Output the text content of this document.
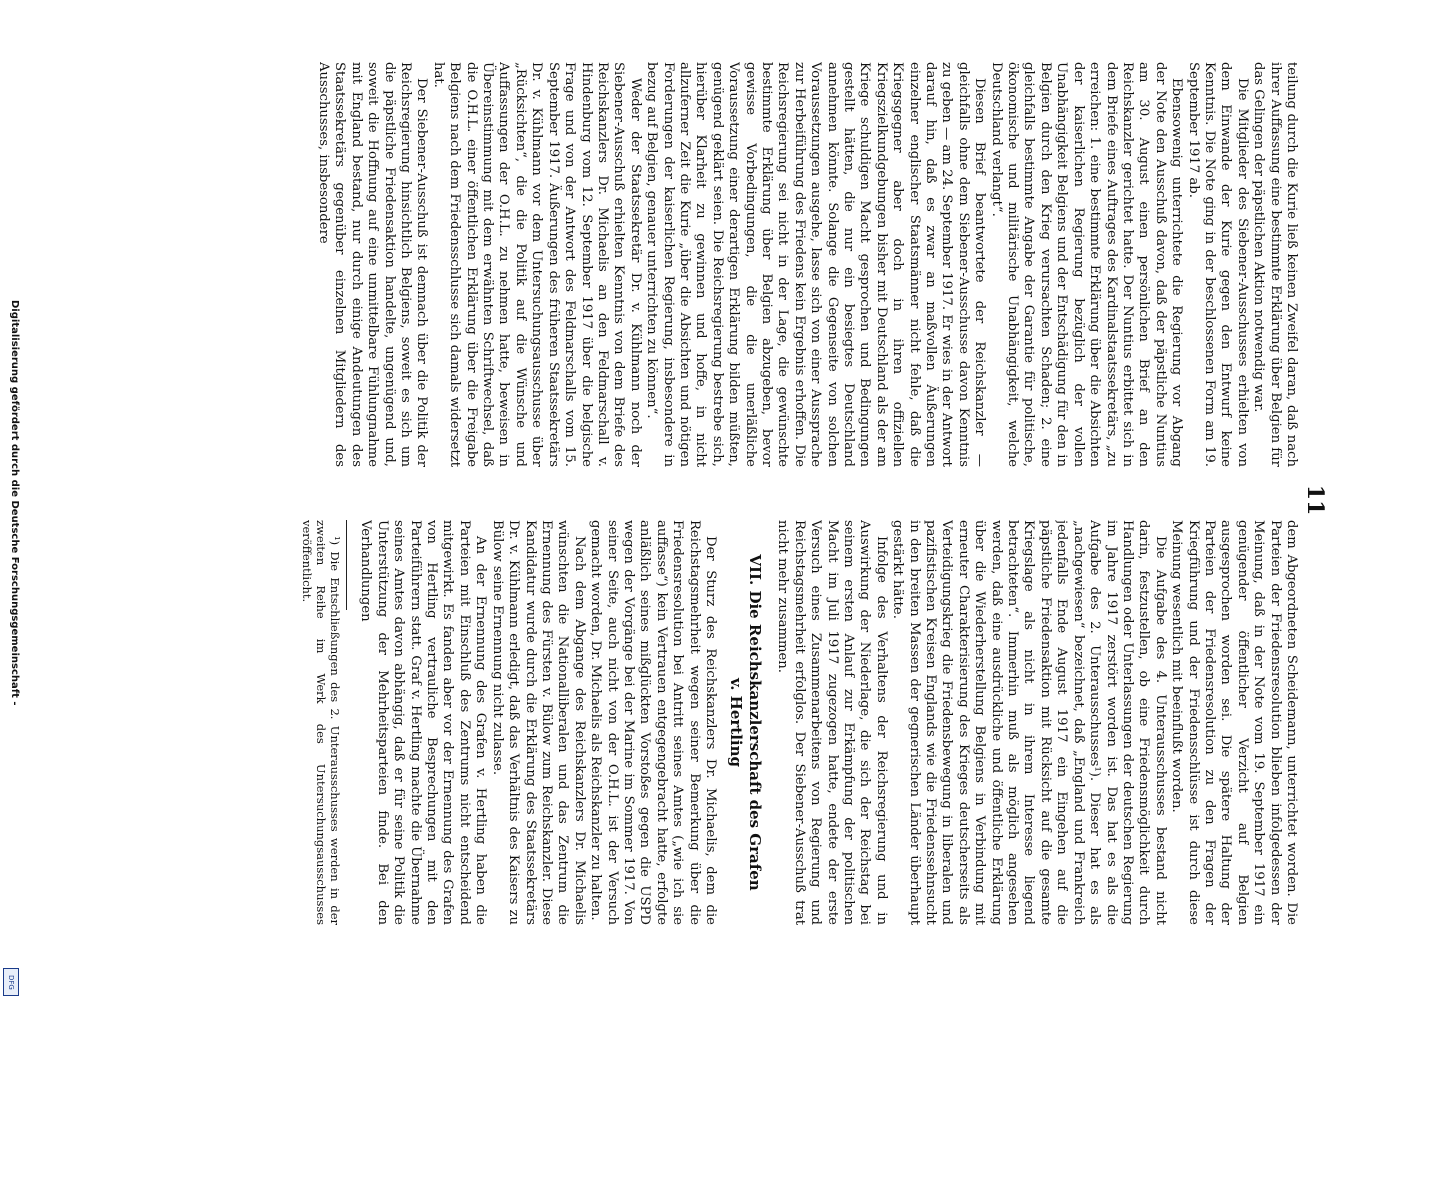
11

teilung durch die Kurie ließ keinen Zweifel daran, daß nach ihrer Auffassung eine bestimmte Erklärung über Belgien für das Gelingen der päpstlichen Aktion notwendig war.

Die Mitglieder des Siebener-Ausschusses erhielten von dem Einwande der Kurie gegen den Entwurf keine Kenntnis. Die Note ging in der beschlossenen Form am 19. September 1917 ab.

Ebensowenig unterrichtete die Regierung vor Abgang der Note den Ausschuß davon, daß der päpstliche Nuntius am 30. August einen persönlichen Brief an den Reichskanzler gerichtet hatte. Der Nuntius erbittet sich in dem Briefe eines Auftrages des Kardinalstaatssekretärs, „zu erreichen: 1. eine bestimmte Erklärung über die Absichten der kaiserlichen Regierung bezüglich der vollen Unabhängigkeit Belgiens und der Entschädigung für den in Belgien durch den Krieg verursachten Schaden; 2. eine gleichfalls bestimmte Angabe der Garantie für politische, ökonomische und militärische Unabhängigkeit, welche Deutschland verlangt“.

Diesen Brief beantwortete der Reichskanzler — gleichfalls ohne dem Siebener-Ausschusse davon Kenntnis zu geben — am 24. September 1917. Er wies in der Antwort darauf hin, daß es zwar an maßvollen Äußerungen einzelner englischer Staatsmänner nicht fehle, daß die Kriegsgegner aber doch in ihren offiziellen Kriegszielkundgebungen bisher mit Deutschland als der am Kriege schuldigen Macht gesprochen und Bedingungen gestellt hätten, die nur ein besiegtes Deutschland annehmen könnte. Solange die Gegenseite von solchen Voraussetzungen ausgehe, lasse sich von einer Aussprache zur Herbeiführung des Friedens kein Ergebnis erhoffen. Die Reichsregierung sei nicht in der Lage, die gewünschte bestimmte Erklärung über Belgien abzugeben, bevor gewisse Vorbedingungen, die die unerläßliche Voraussetzung einer derartigen Erklärung bilden müßten, genügend geklärt seien. Die Reichsregierung bestrebe sich, hierüber Klarheit zu gewinnen und hoffe, in nicht allzuferner Zeit die Kurie „über die Absichten und nötigen Forderungen der kaiserlichen Regierung, insbesondere in bezug auf Belgien, genauer unterrichten zu können“.

Weder der Staatssekretär Dr. v. Kühlmann noch der Siebener-Ausschuß erhielten Kenntnis von dem Briefe des Reichskanzlers Dr. Michaelis an den Feldmarschall v. Hindenburg vom 12. September 1917 über die belgische Frage und von der Antwort des Feldmarschalls vom 15. September 1917. Äußerungen des früheren Staatssekretärs Dr. v. Kühlmann vor dem Untersuchungsausschusse über „Rücksichten“, die die Politik auf die Wünsche und Auffassungen der O.H.L. zu nehmen hatte, beweisen in Übereinstimmung mit dem erwähnten Schriftwechsel, daß die O.H.L. einer öffentlichen Erklärung über die Freigabe Belgiens nach dem Friedensschlusse sich damals widersetzt hat.

Der Siebener-Ausschuß ist demnach über die Politik der Reichsregierung hinsichtlich Belgiens, soweit es sich um die päpstliche Friedensaktion handelte, ungenügend und, soweit die Hoffnung auf eine unmittelbare Fühlungnahme mit England bestand, nur durch einige Andeutungen des Staatssekretärs gegenüber einzelnen Mitgliedern des Ausschusses, insbesondere

dem Abgeordneten Scheidemann, unterrichtet worden. Die Parteien der Friedensresolution blieben infolgedessen der Meinung, daß in der Note vom 19. September 1917 ein genügender öffentlicher Verzicht auf Belgien ausgesprochen worden sei. Die spätere Haltung der Parteien der Friedensresolution zu den Fragen der Kriegführung und der Friedensschlüsse ist durch diese Meinung wesentlich mit beeinflußt worden.

Die Aufgabe des 4. Unterausschusses bestand nicht darin, festzustellen, ob eine Friedensmöglichkeit durch Handlungen oder Unterlassungen der deutschen Regierung im Jahre 1917 zerstört worden ist. Das hat es als die Aufgabe des 2. Unterausschusses¹). Dieser hat es als „nachgewiesen“ bezeichnet, daß „England und Frankreich jedenfalls Ende August 1917 ein Eingehen auf die päpstliche Friedensaktion mit Rücksicht auf die gesamte Kriegslage als nicht in ihrem Interesse liegend betrachteten“. Immerhin muß als möglich angesehen werden, daß eine ausdrückliche und öffentliche Erklärung über die Wiederherstellung Belgiens in Verbindung mit erneuter Charakterisierung des Krieges deutscherseits als Verteidigungskrieg die Friedensbewegung in liberalen und pazifistischen Kreisen Englands wie die Friedenssehnsucht in den breiten Massen der gegnerischen Länder überhaupt gestärkt hätte.

Infolge des Verhaltens der Reichsregierung und in Auswirkung der Niederlage, die sich der Reichstag bei seinem ersten Anlauf zur Erkämpfung der politischen Macht im Juli 1917 zugezogen hatte, endete der erste Versuch eines Zusammenarbeitens von Regierung und Reichstagsmehrheit erfolglos. Der Siebener-Ausschuß trat nicht mehr zusammen.

VII. Die Reichskanzlerschaft des Grafen
v. Hertling

Der Sturz des Reichskanzlers Dr. Michaelis, dem die Reichstagsmehrheit wegen seiner Bemerkung über die Friedensresolution bei Antritt seines Amtes („wie ich sie auffasse“) kein Vertrauen entgegengebracht hatte, erfolgte anläßlich seines mißglückten Vorstoßes gegen die USPD wegen der Vorgänge bei der Marine im Sommer 1917. Von seiner Seite, auch nicht von der O.H.L. ist der Versuch gemacht worden, Dr. Michaelis als Reichskanzler zu halten.

Nach dem Abgange des Reichskanzlers Dr. Michaelis wünschten die Nationalliberalen und das Zentrum die Ernennung des Fürsten v. Bülow zum Reichskanzler. Diese Kandidatur wurde durch die Erklärung des Staatssekretärs Dr. v. Kühlmann erledigt, daß das Verhältnis des Kaisers zu Bülow seine Ernennung nicht zulasse.

An der Ernennung des Grafen v. Hertling haben die Parteien mit Einschluß des Zentrums nicht entscheidend mitgewirkt. Es fanden aber vor der Ernennung des Grafen von Hertling vertrauliche Besprechungen mit den Parteiführern statt. Graf v. Hertling machte die Übernahme seines Amtes davon abhängig, daß er für seine Politik die Unterstützung der Mehrheitsparteien finde. Bei den Verhandlungen

¹) Die Entschließungen des 2. Unterausschusses werden in der zweiten Reihe im Werk des Untersuchungsausschusses veröffentlicht.

Digitalisierung gefördert durch die Deutsche Forschungsgemeinschaft -
DFG
